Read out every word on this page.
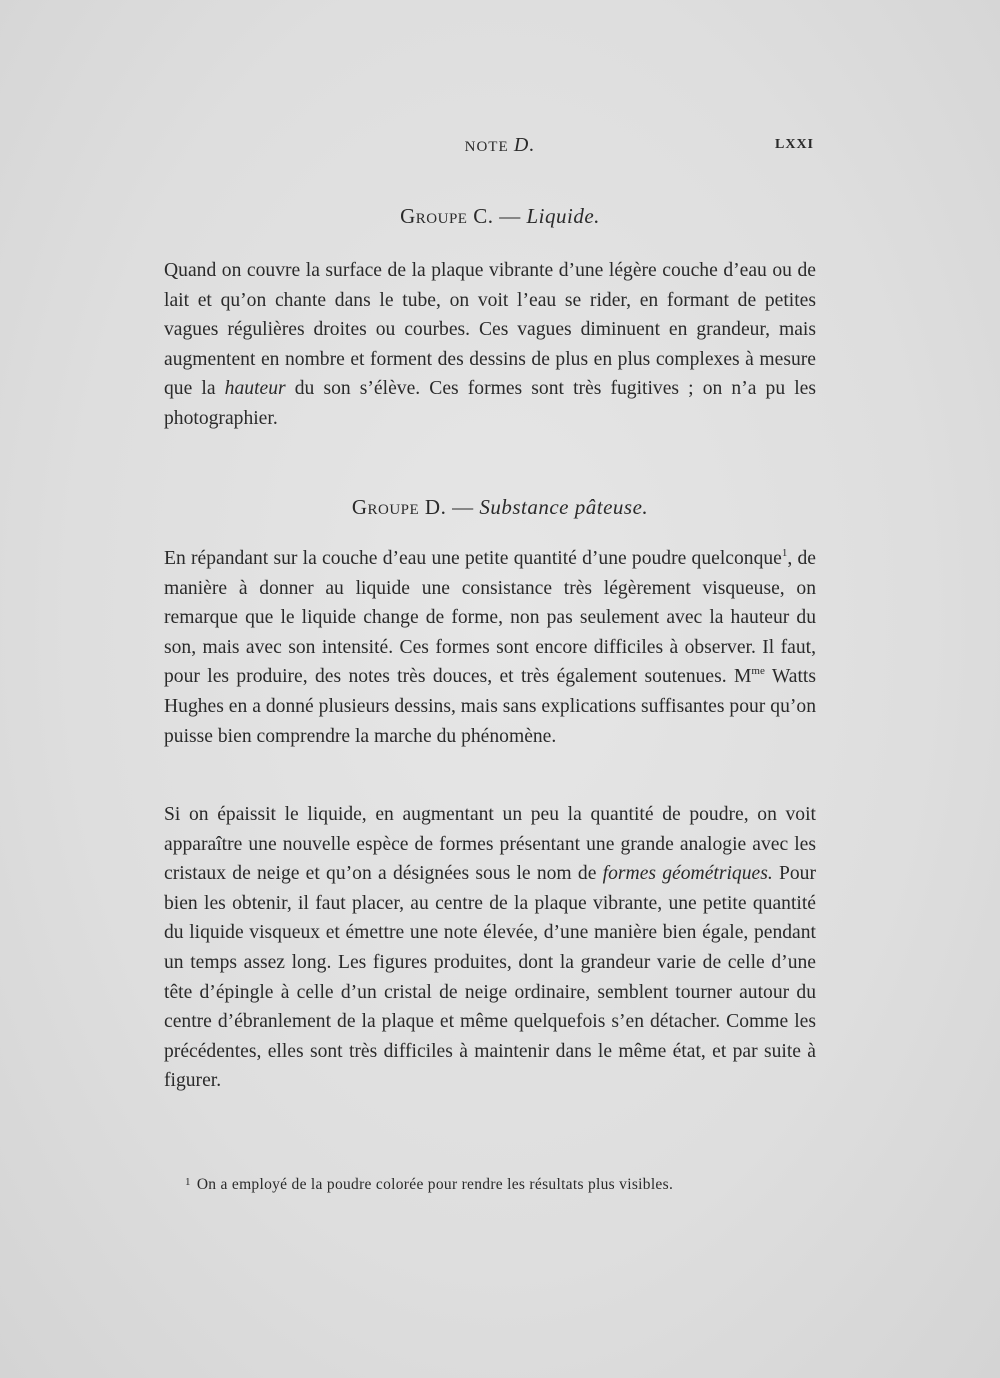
NOTE D.	LXXI
Groupe C. — Liquide.

Quand on couvre la surface de la plaque vibrante d’une légère couche d’eau ou de lait et qu’on chante dans le tube, on voit l’eau se rider, en formant de petites vagues régulières droites ou courbes. Ces vagues diminuent en grandeur, mais augmentent en nombre et forment des dessins de plus en plus complexes à mesure que la hauteur du son s’élève. Ces formes sont très fugitives ; on n’a pu les photographier.

Groupe D. — Substance pâteuse.

En répandant sur la couche d’eau une petite quantité d’une poudre quelconque$^1$, de manière à donner au liquide une consistance très légèrement visqueuse, on remarque que le liquide change de forme, non pas seulement avec la hauteur du son, mais avec son intensité. Ces formes sont encore difficiles à observer. Il faut, pour les produire, des notes très douces, et très également soutenues. $M^{me}$ Watts Hughes en a donné plusieurs dessins, mais sans explications suffisantes pour qu’on puisse bien comprendre la marche du phénomène.

Si on épaissit le liquide, en augmentant un peu la quantité de poudre, on voit apparaître une nouvelle espèce de formes présentant une grande analogie avec les cristaux de neige et qu’on a désignées sous le nom de formes géométriques. Pour bien les obtenir, il faut placer, au centre de la plaque vibrante, une petite quantité du liquide visqueux et émettre une note élevée, d’une manière bien égale, pendant un temps assez long. Les figures produites, dont la grandeur varie de celle d’une tête d’épingle à celle d’un cristal de neige ordinaire, semblent tourner autour du centre d’ébranlement de la plaque et même quelquefois s’en détacher. Comme les précédentes, elles sont très difficiles à maintenir dans le même état, et par suite à figurer.

$^1$ On a employé de la poudre colorée pour rendre les résultats plus visibles.
